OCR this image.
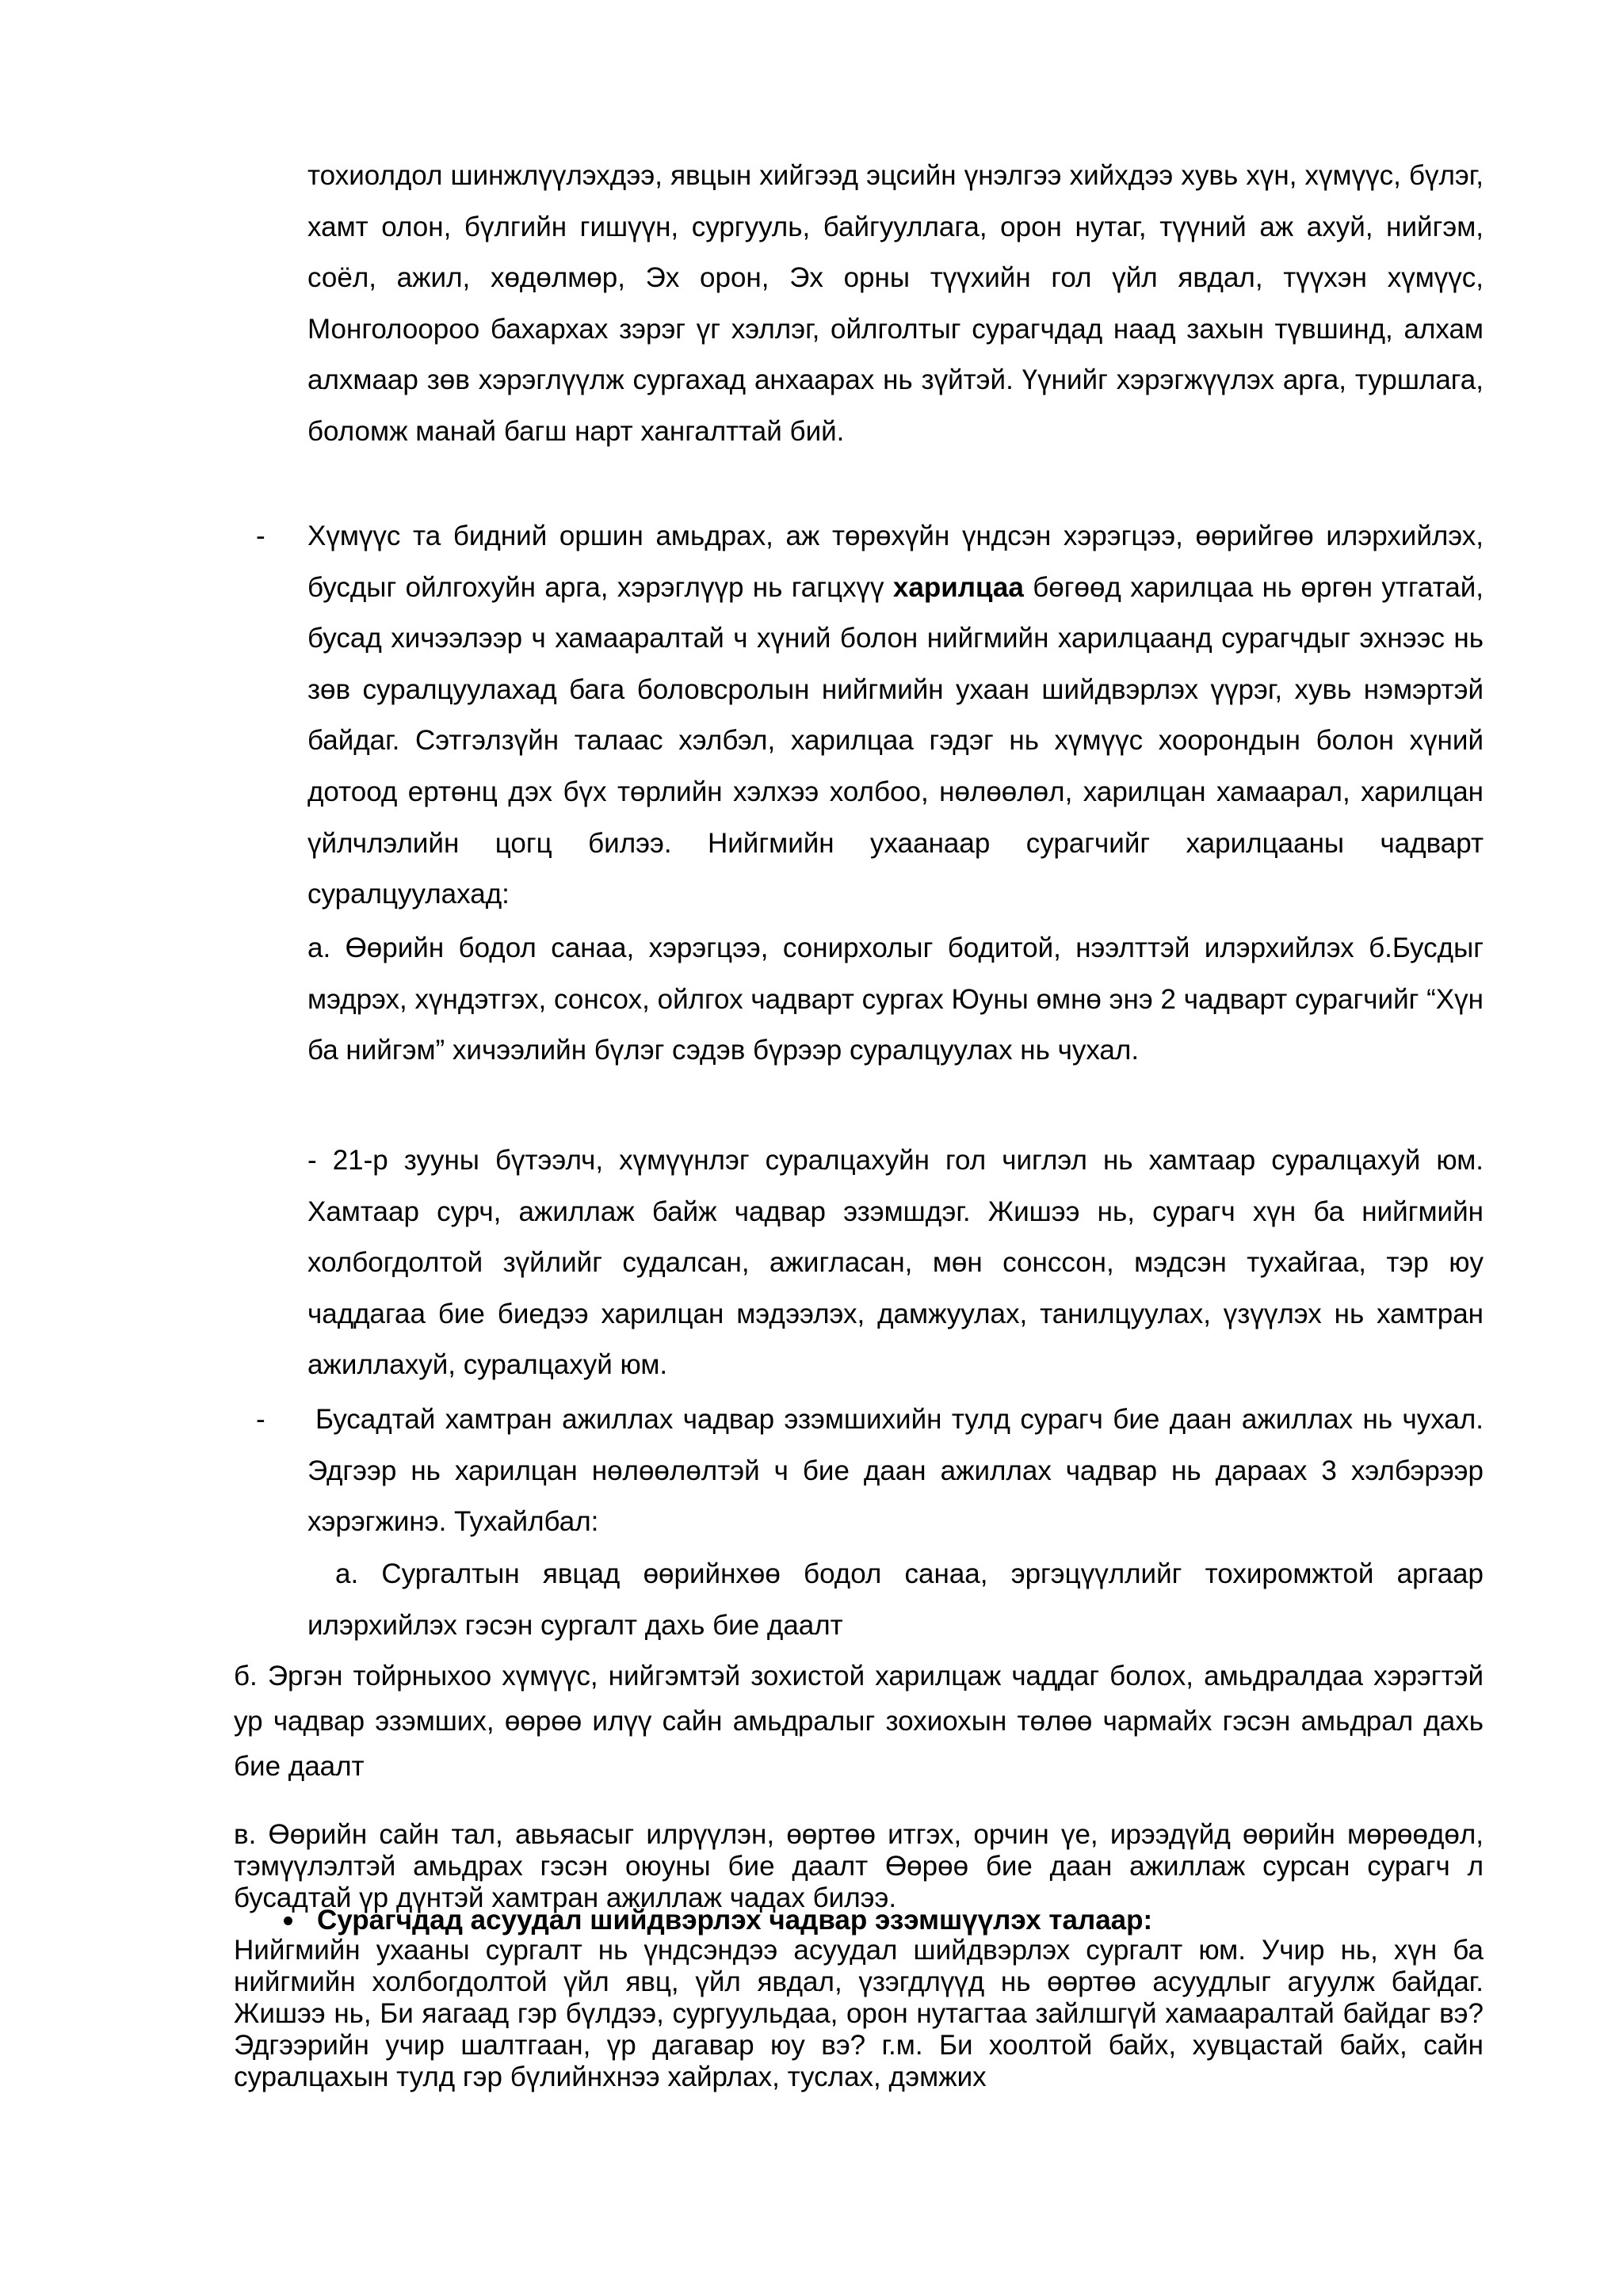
тохиолдол шинжлүүлэхдээ, явцын хийгээд эцсийн үнэлгээ хийхдээ хувь хүн, хүмүүс, бүлэг, хамт олон, бүлгийн гишүүн, сургууль, байгууллага, орон нутаг, түүний аж ахуй, нийгэм, соёл, ажил, хөдөлмөр, Эх орон, Эх орны түүхийн гол үйл явдал, түүхэн хүмүүс, Монголоороо бахархах зэрэг үг хэллэг, ойлголтыг сурагчдад наад захын түвшинд, алхам алхмаар зөв хэрэглүүлж сургахад анхаарах нь зүйтэй. Үүнийг хэрэгжүүлэх арга, туршлага, боломж манай багш нарт хангалттай бий.

- Хүмүүс та бидний оршин амьдрах, аж төрөхүйн үндсэн хэрэгцээ, өөрийгөө илэрхийлэх, бусдыг ойлгохуйн арга, хэрэглүүр нь гагцхүү харилцаа бөгөөд харилцаа нь өргөн утгатай, бусад хичээлээр ч хамааралтай ч хүний болон нийгмийн харилцаанд сурагчдыг эхнээс нь зөв суралцуулахад бага боловсролын нийгмийн ухаан шийдвэрлэх үүрэг, хувь нэмэртэй байдаг. Сэтгэлзүйн талаас хэлбэл, харилцаа гэдэг нь хүмүүс хоорондын болон хүний дотоод ертөнц дэх бүх төрлийн хэлхээ холбоо, нөлөөлөл, харилцан хамаарал, харилцан үйлчлэлийн цогц билээ. Нийгмийн ухаанаар сурагчийг харилцааны чадварт суралцуулахад:

а. Өөрийн бодол санаа, хэрэгцээ, сонирхолыг бодитой, нээлттэй илэрхийлэх б.Бусдыг мэдрэх, хүндэтгэх, сонсох, ойлгох чадварт сургах Юуны өмнө энэ 2 чадварт сурагчийг “Хүн ба нийгэм” хичээлийн бүлэг сэдэв бүрээр суралцуулах нь чухал.

- 21-р зууны бүтээлч, хүмүүнлэг суралцахуйн гол чиглэл нь хамтаар суралцахуй юм. Хамтаар сурч, ажиллаж байж чадвар эзэмшдэг. Жишээ нь, сурагч хүн ба нийгмийн холбогдолтой зүйлийг судалсан, ажигласан, мөн сонссон, мэдсэн тухайгаа, тэр юу чаддагаа бие биедээ харилцан мэдээлэх, дамжуулах, танилцуулах, үзүүлэх нь хамтран ажиллахуй, суралцахуй юм.

- Бусадтай хамтран ажиллах чадвар эзэмшихийн тулд сурагч бие даан ажиллах нь чухал. Эдгээр нь харилцан нөлөөлөлтэй ч бие даан ажиллах чадвар нь дараах 3 хэлбэрээр хэрэгжинэ. Тухайлбал:

а. Сургалтын явцад өөрийнхөө бодол санаа, эргэцүүллийг тохиромжтой аргаар илэрхийлэх гэсэн сургалт дахь бие даалт

б. Эргэн тойрныхоо хүмүүс, нийгэмтэй зохистой харилцаж чаддаг болох, амьдралдаа хэрэгтэй ур чадвар эзэмших, өөрөө илүү сайн амьдралыг зохиохын төлөө чармайх гэсэн амьдрал дахь бие даалт

в. Өөрийн сайн тал, авьяасыг илрүүлэн, өөртөө итгэх, орчин үе, ирээдүйд өөрийн мөрөөдөл, тэмүүлэлтэй амьдрах гэсэн оюуны бие даалт Өөрөө бие даан ажиллаж сурсан сурагч л бусадтай үр дүнтэй хамтран ажиллаж чадах билээ.

Сурагчдад асуудал шийдвэрлэх чадвар эзэмшүүлэх талаар:

Нийгмийн ухааны сургалт нь үндсэндээ асуудал шийдвэрлэх сургалт юм. Учир нь, хүн ба нийгмийн холбогдолтой үйл явц, үйл явдал, үзэгдлүүд нь өөртөө асуудлыг агуулж байдаг. Жишээ нь, Би яагаад гэр бүлдээ, сургуульдаа, орон нутагтаа зайлшгүй хамааралтай байдаг вэ? Эдгээрийн учир шалтгаан, үр дагавар юу вэ? г.м. Би хоолтой байх, хувцастай байх, сайн суралцахын тулд гэр бүлийнхнээ хайрлах, туслах, дэмжих
